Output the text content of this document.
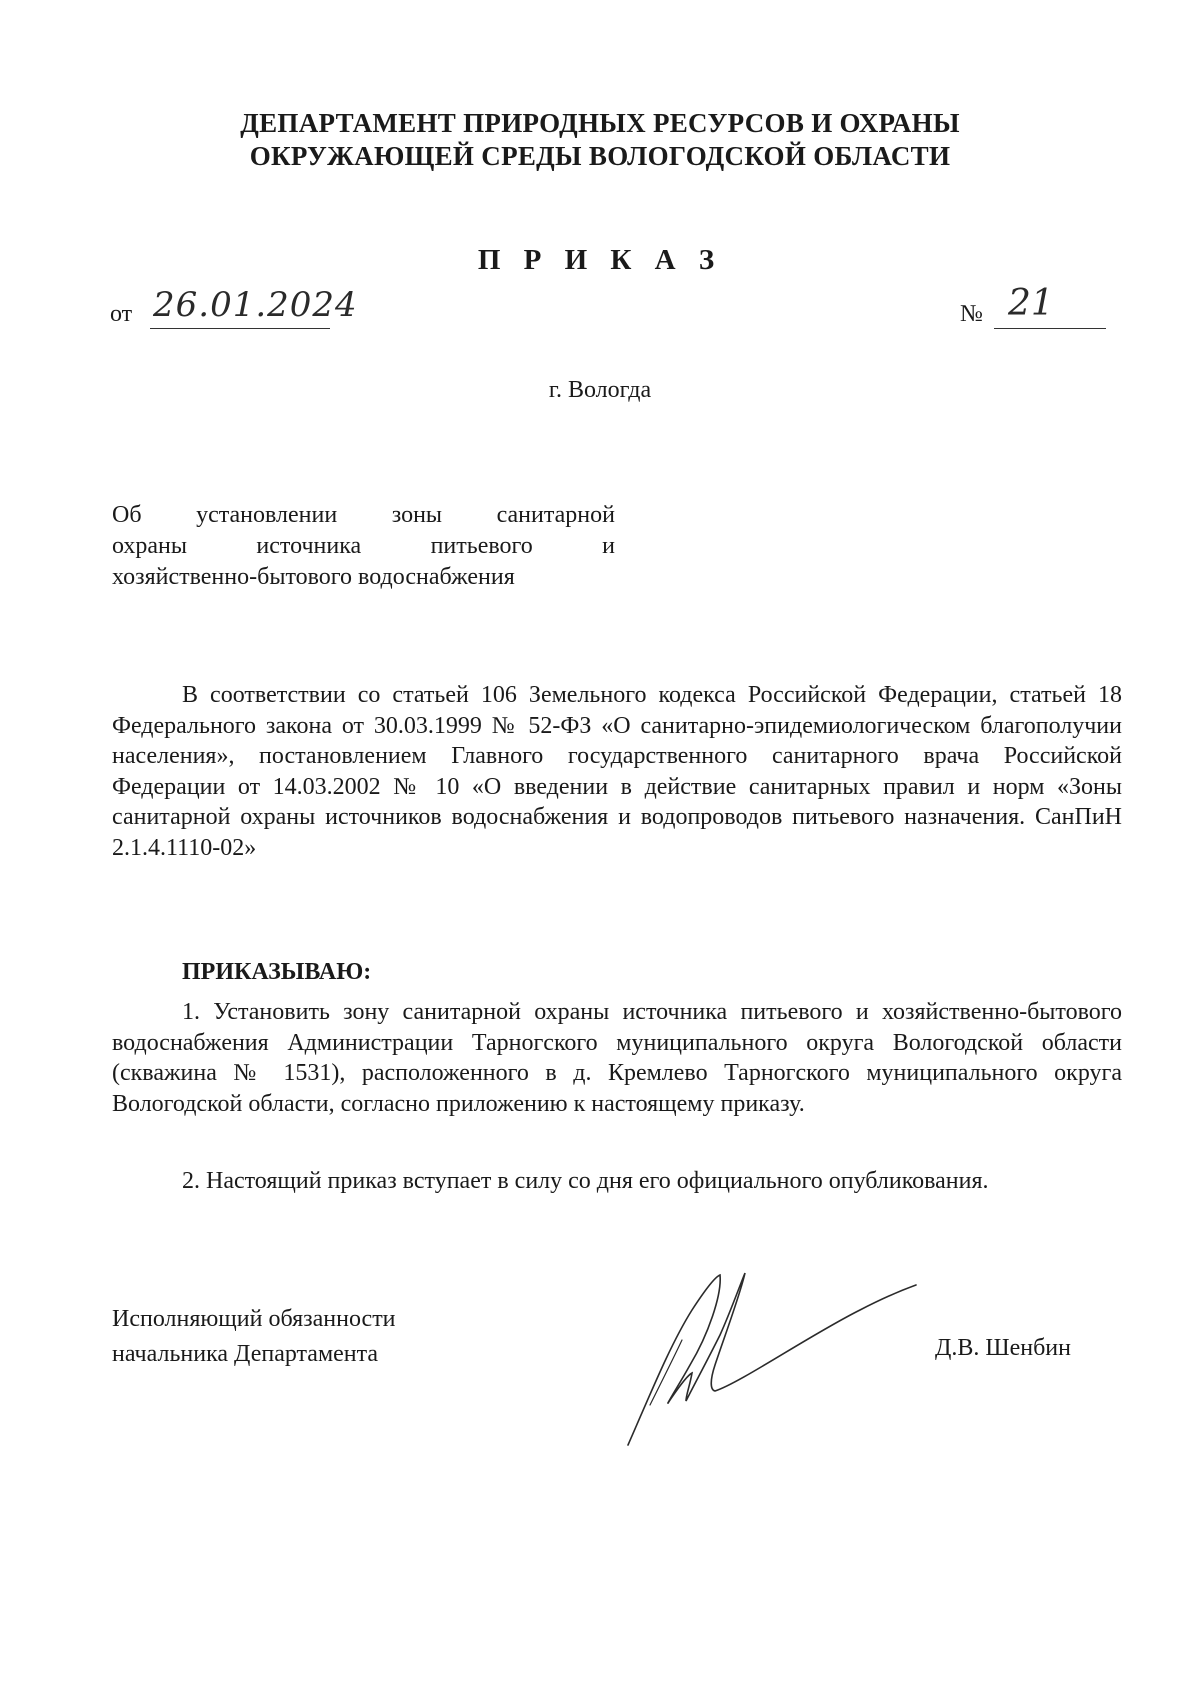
ДЕПАРТАМЕНТ ПРИРОДНЫХ РЕСУРСОВ И ОХРАНЫ
ОКРУЖАЮЩЕЙ СРЕДЫ ВОЛОГОДСКОЙ ОБЛАСТИ
П Р И К А З
от 26.01.2024	№ 21
г. Вологда
Об установлении зоны санитарной
охраны источника питьевого и
хозяйственно-бытового водоснабжения

В соответствии со статьей 106 Земельного кодекса Российской Федерации, статьей 18 Федерального закона от 30.03.1999 № 52-ФЗ «О санитарно-эпидемиологическом благополучии населения», постановлением Главного государственного санитарного врача Российской Федерации от 14.03.2002 № 10 «О введении в действие санитарных правил и норм «Зоны санитарной охраны источников водоснабжения и водопроводов питьевого назначения. СанПиН 2.1.4.1110-02»

ПРИКАЗЫВАЮ:

1. Установить зону санитарной охраны источника питьевого и хозяйственно-бытового водоснабжения Администрации Тарногского муниципального округа Вологодской области (скважина № 1531), расположенного в д. Кремлево Тарногского муниципального округа Вологодской области, согласно приложению к настоящему приказу.

2. Настоящий приказ вступает в силу со дня его официального опубликования.

Исполняющий обязанности
начальника Департамента	Д.В. Шенбин
